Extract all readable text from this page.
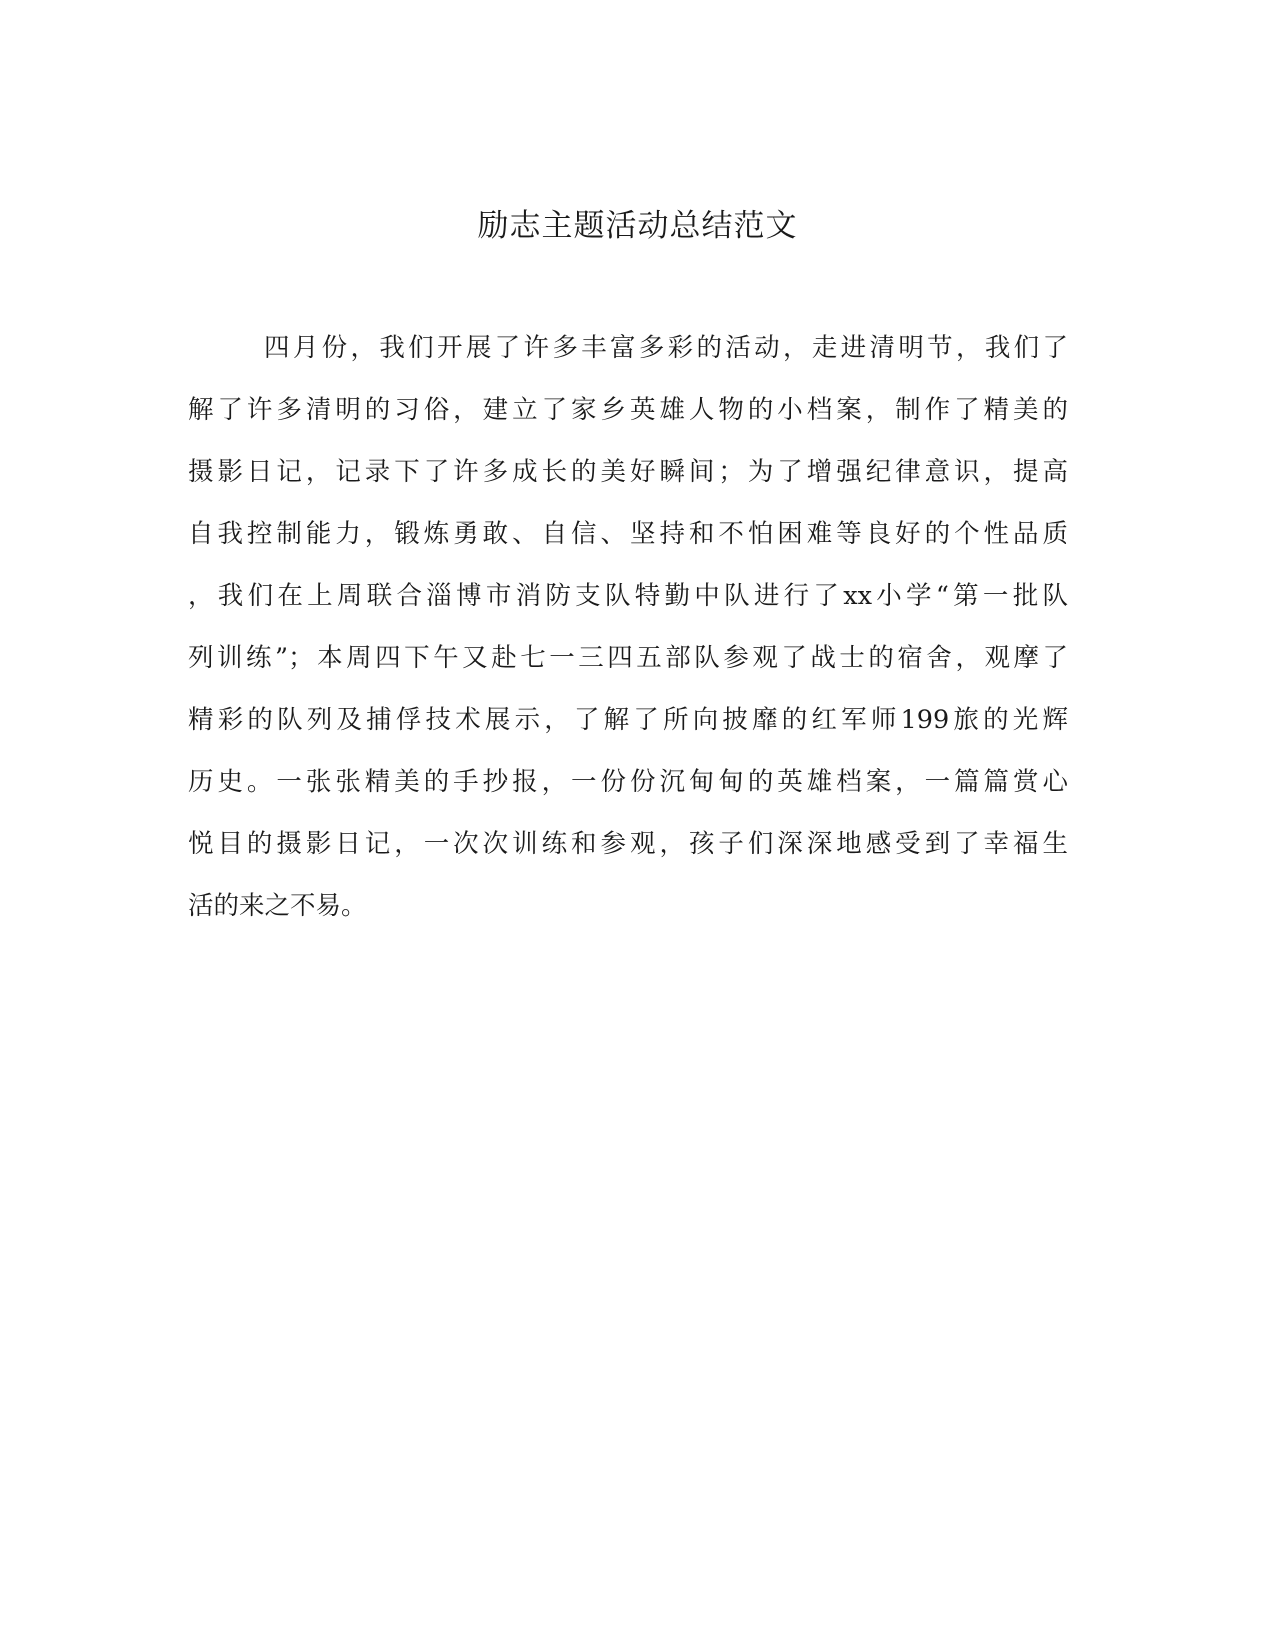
励志主题活动总结范文
四月份，我们开展了许多丰富多彩的活动，走进清明节，我们了
解了许多清明的习俗，建立了家乡英雄人物的小档案，制作了精美的
摄影日记，记录下了许多成长的美好瞬间；为了增强纪律意识，提高
自我控制能力，锻炼勇敢、自信、坚持和不怕困难等良好的个性品质
，我们在上周联合淄博市消防支队特勤中队进行了xx小学“第一批队
列训练”；本周四下午又赴七一三四五部队参观了战士的宿舍，观摩了
精彩的队列及捕俘技术展示，了解了所向披靡的红军师199旅的光辉
历史。一张张精美的手抄报，一份份沉甸甸的英雄档案，一篇篇赏心
悦目的摄影日记，一次次训练和参观，孩子们深深地感受到了幸福生
活的来之不易。
